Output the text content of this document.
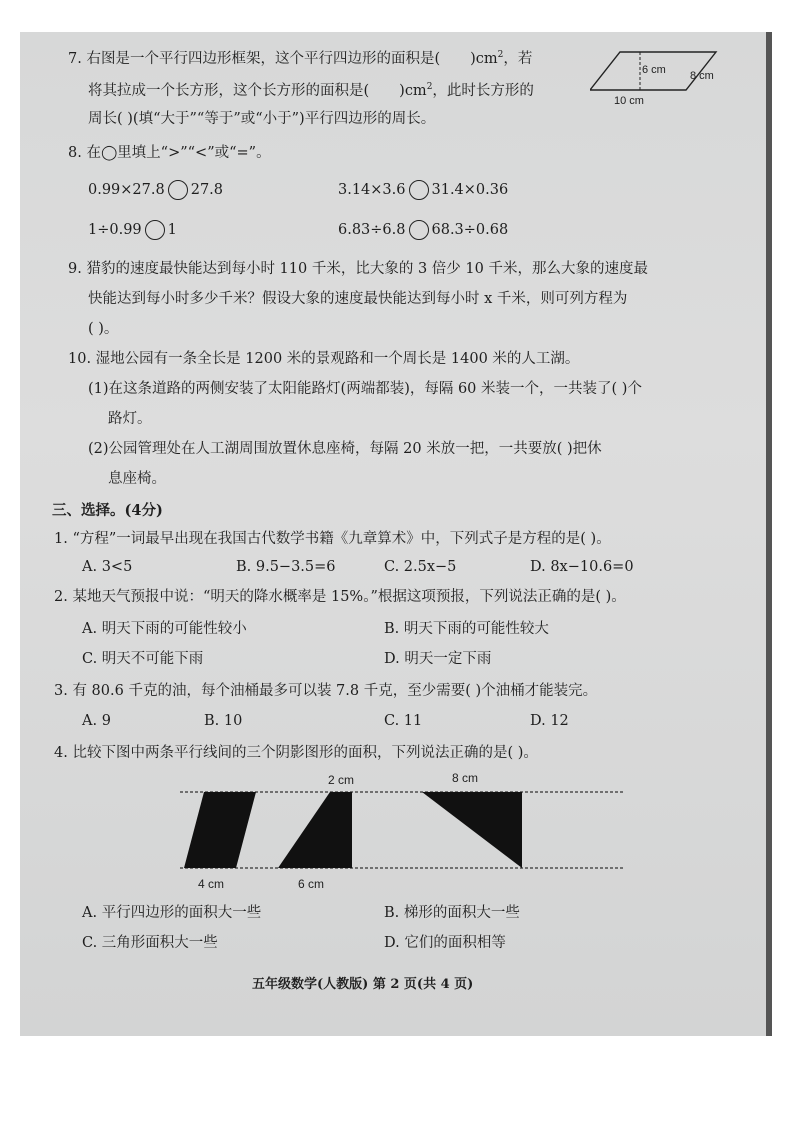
7. 右图是一个平行四边形框架，这个平行四边形的面积是( )$cm^2$，若
将其拉成一个长方形，这个长方形的面积是( )$cm^2$，此时长方形的
周长( )(填“大于”“等于”或“小于”)平行四边形的周长。
6 cm 8 cm
10 cm
8. 在◯里填上“>”“<”或“=”。
0.99×27.8 27.8	3.14×3.6 31.4×0.36
1÷0.99 1	6.83÷6.8 68.3÷0.68
9. 猎豹的速度最快能达到每小时 110 千米，比大象的 3 倍少 10 千米，那么大象的速度最
快能达到每小时多少千米？假设大象的速度最快能达到每小时 x 千米，则可列方程为
( )。
10. 湿地公园有一条全长是 1200 米的景观路和一个周长是 1400 米的人工湖。
(1)在这条道路的两侧安装了太阳能路灯(两端都装)，每隔 60 米装一个，一共装了( )个
路灯。
(2)公园管理处在人工湖周围放置休息座椅，每隔 20 米放一把，一共要放( )把休
息座椅。
三、选择。(4分)
1. “方程”一词最早出现在我国古代数学书籍《九章算术》中，下列式子是方程的是( )。
A. 3<5	B. 9.5−3.5=6	C. 2.5x−5	D. 8x−10.6=0
2. 某地天气预报中说：“明天的降水概率是 15%。”根据这项预报，下列说法正确的是( )。
A. 明天下雨的可能性较小	B. 明天下雨的可能性较大
C. 明天不可能下雨	D. 明天一定下雨
3. 有 80.6 千克的油，每个油桶最多可以装 7.8 千克，至少需要( )个油桶才能装完。
A. 9	B. 10	C. 11	D. 12
4. 比较下图中两条平行线间的三个阴影图形的面积，下列说法正确的是( )。
2 cm	8 cm
4 cm	6 cm
A. 平行四边形的面积大一些	B. 梯形的面积大一些
C. 三角形面积大一些	D. 它们的面积相等
五年级数学(人教版) 第 2 页(共 4 页)
